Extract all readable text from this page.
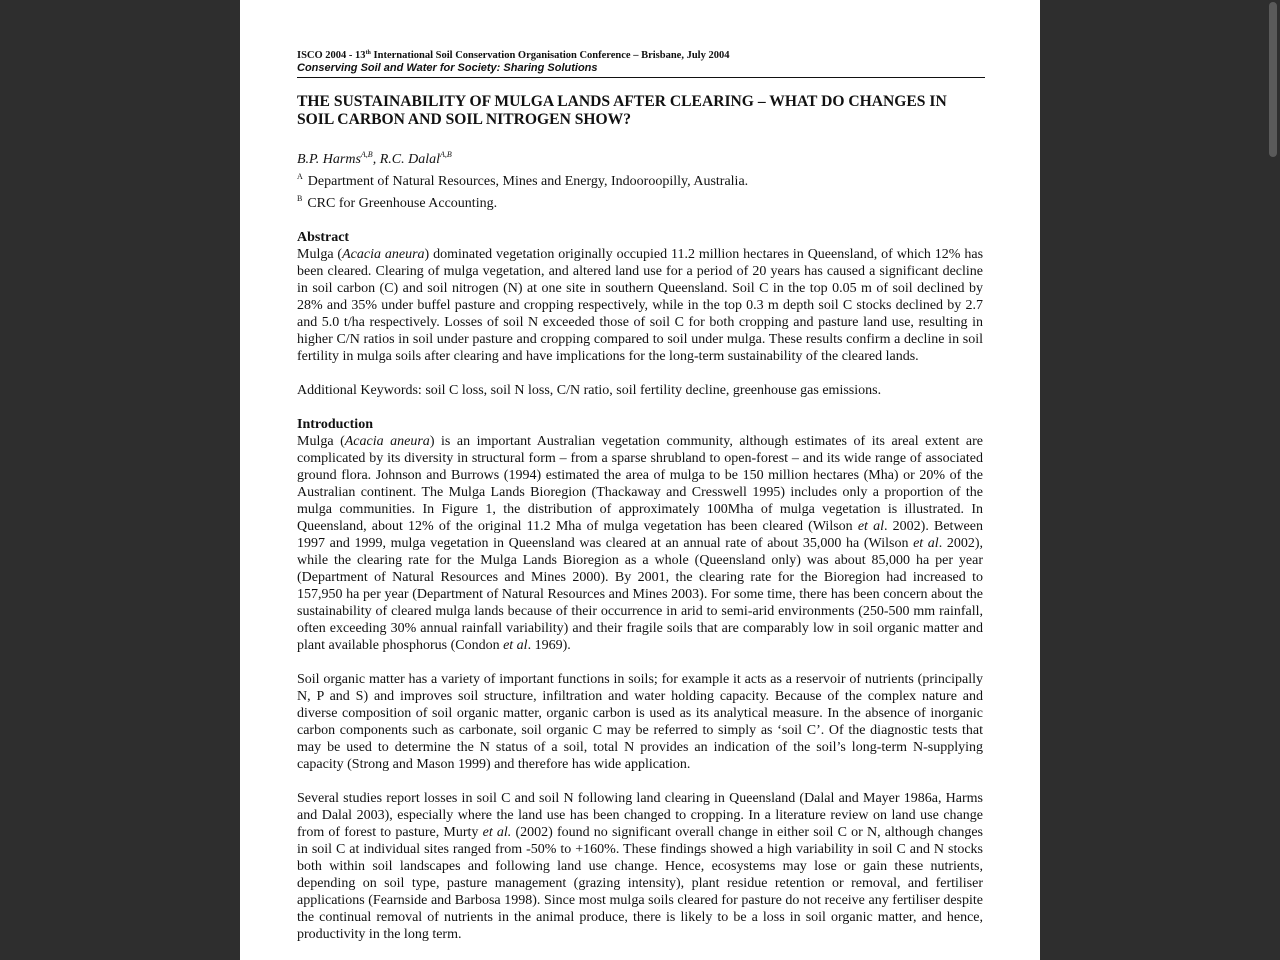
ISCO 2004 - 13th International Soil Conservation Organisation Conference – Brisbane, July 2004
Conserving Soil and Water for Society: Sharing Solutions
THE SUSTAINABILITY OF MULGA LANDS AFTER CLEARING – WHAT DO CHANGES IN SOIL CARBON AND SOIL NITROGEN SHOW?
B.P. Harms$^{A,B}$, R.C. Dalal$^{A,B}$
$^A$ Department of Natural Resources, Mines and Energy, Indooroopilly, Australia.
$^B$ CRC for Greenhouse Accounting.
Abstract

Mulga (Acacia aneura) dominated vegetation originally occupied 11.2 million hectares in Queensland, of which 12% has been cleared. Clearing of mulga vegetation, and altered land use for a period of 20 years has caused a significant decline in soil carbon (C) and soil nitrogen (N) at one site in southern Queensland. Soil C in the top 0.05 m of soil declined by 28% and 35% under buffel pasture and cropping respectively, while in the top 0.3 m depth soil C stocks declined by 2.7 and 5.0 t/ha respectively. Losses of soil N exceeded those of soil C for both cropping and pasture land use, resulting in higher C/N ratios in soil under pasture and cropping compared to soil under mulga. These results confirm a decline in soil fertility in mulga soils after clearing and have implications for the long-term sustainability of the cleared lands.

Additional Keywords: soil C loss, soil N loss, C/N ratio, soil fertility decline, greenhouse gas emissions.

Introduction

Mulga (Acacia aneura) is an important Australian vegetation community, although estimates of its areal extent are complicated by its diversity in structural form – from a sparse shrubland to open-forest – and its wide range of associated ground flora. Johnson and Burrows (1994) estimated the area of mulga to be 150 million hectares (Mha) or 20% of the Australian continent. The Mulga Lands Bioregion (Thackaway and Cresswell 1995) includes only a proportion of the mulga communities. In Figure 1, the distribution of approximately 100Mha of mulga vegetation is illustrated. In Queensland, about 12% of the original 11.2 Mha of mulga vegetation has been cleared (Wilson et al. 2002). Between 1997 and 1999, mulga vegetation in Queensland was cleared at an annual rate of about 35,000 ha (Wilson et al. 2002), while the clearing rate for the Mulga Lands Bioregion as a whole (Queensland only) was about 85,000 ha per year (Department of Natural Resources and Mines 2000). By 2001, the clearing rate for the Bioregion had increased to 157,950 ha per year (Department of Natural Resources and Mines 2003). For some time, there has been concern about the sustainability of cleared mulga lands because of their occurrence in arid to semi-arid environments (250-500 mm rainfall, often exceeding 30% annual rainfall variability) and their fragile soils that are comparably low in soil organic matter and plant available phosphorus (Condon et al. 1969).

Soil organic matter has a variety of important functions in soils; for example it acts as a reservoir of nutrients (principally N, P and S) and improves soil structure, infiltration and water holding capacity. Because of the complex nature and diverse composition of soil organic matter, organic carbon is used as its analytical measure. In the absence of inorganic carbon components such as carbonate, soil organic C may be referred to simply as ‘soil C’. Of the diagnostic tests that may be used to determine the N status of a soil, total N provides an indication of the soil’s long-term N-supplying capacity (Strong and Mason 1999) and therefore has wide application.

Several studies report losses in soil C and soil N following land clearing in Queensland (Dalal and Mayer 1986a, Harms and Dalal 2003), especially where the land use has been changed to cropping. In a literature review on land use change from of forest to pasture, Murty et al. (2002) found no significant overall change in either soil C or N, although changes in soil C at individual sites ranged from -50% to +160%. These findings showed a high variability in soil C and N stocks both within soil landscapes and following land use change. Hence, ecosystems may lose or gain these nutrients, depending on soil type, pasture management (grazing intensity), plant residue retention or removal, and fertiliser applications (Fearnside and Barbosa 1998). Since most mulga soils cleared for pasture do not receive any fertiliser despite the continual removal of nutrients in the animal produce, there is likely to be a loss in soil organic matter, and hence, productivity in the long term.
